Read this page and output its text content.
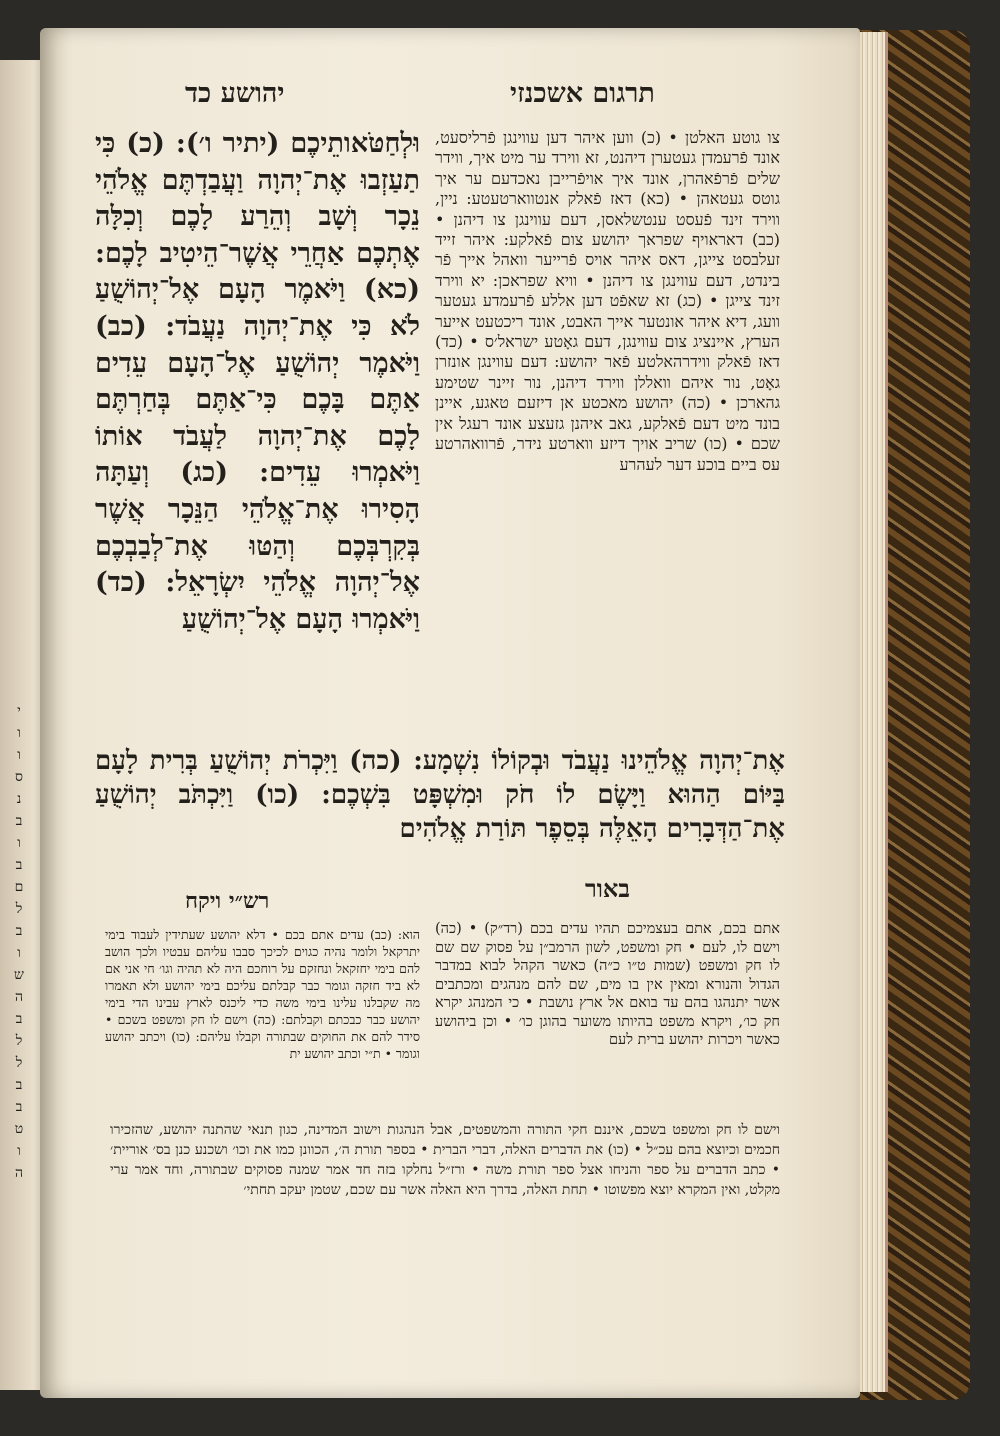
י
ו
ו
ס
נ
ב
ו
ב
ם
ל
ב
ו
ש
ה
ב
ל
ל
ב
ב
ט
ו
ה
יהושע כד	תרגום אשכנזי
וּלְחַטֹּאותֵיכֶם (יתיר ו׳): (כ) כִּי תַעַזְבוּ אֶת־יְהוָה וַעֲבַדְתֶּם אֱלֹהֵי נֵכָר וְשָׁב וְהֵרַע לָכֶם וְכִלָּה אֶתְכֶם אַחֲרֵי אֲשֶׁר־הֵיטִיב לָכֶם: (כא) וַיֹּאמֶר הָעָם אֶל־יְהוֹשֻׁעַ לֹא כִּי אֶת־יְהוָה נַעֲבֹד: (כב) וַיֹּאמֶר יְהוֹשֻׁעַ אֶל־הָעָם עֵדִים אַתֶּם בָּכֶם כִּי־אַתֶּם בְּחַרְתֶּם לָכֶם אֶת־יְהוָה לַעֲבֹד אוֹתוֹ וַיֹּאמְרוּ עֵדִים: (כג) וְעַתָּה הָסִירוּ אֶת־אֱלֹהֵי הַנֵּכָר אֲשֶׁר בְּקִרְבְּכֶם וְהַטּוּ אֶת־לְבַבְכֶם אֶל־יְהוָה אֱלֹהֵי יִשְׂרָאֵל: (כד) וַיֹּאמְרוּ הָעָם אֶל־יְהוֹשֻׁעַ
צו גוטע האלטן • (כ) ווען איהר דען עווינגן פֿרליסעט, אונד פֿרעמדן געטערן דיהנט, זא ווירד ער מיט איך, ווידר שלים פֿרפֿאהרן, אונד איך אויפֿרייבן נאכדעם ער איך גוטס געטאהן • (כא) דאז פֿאלק אנטווארטעטע: ניין, ווירד זינד פֿעסט ענטשלאסן, דעם עווינגן צו דיהנן • (כב) דאראויף שפראך יהושע צום פֿאלקע: איהר זייד זעלבסט צייגן, דאס איהר אויס פֿרייער וואהל אייך פֿר בינדט, דעם עווינגן צו דיהנן • וויא שפראכן: יא ווירד זינד צייגן • (כג) זא שאפֿט דען אללע פֿרעמדע געטער וועג, דיא איהר אונטער אייך האבט, אונד ריכטעט אייער הערץ, איינציג צום עווינגן, דעם גאָטע ישראל׳ס • (כד) דאז פֿאלק ווידרהאלטע פֿאר יהושע: דעם עווינגן אונזרן גאָט, נור איהם וואללן ווירד דיהנן, נור זיינר שטימע גהארכן • (כה) יהושע מאכטע אן דיזעם טאגע, איינן בונד מיט דעם פֿאלקע, גאב איהנן גזעצע אונד רעגל אין שכם • (כו) שריב אויך דיזע ווארטע נידר, פֿרוואהרטע עס ביים בוכע דער לעהרע
אֶת־יְהוָה אֱלֹהֵינוּ נַעֲבֹד וּבְקוֹלוֹ נִשְׁמָע: (כה) וַיִּכְרֹת יְהוֹשֻׁעַ בְּרִית לָעָם בַּיּוֹם הַהוּא וַיָּשֶׂם לוֹ חֹק וּמִשְׁפָּט בִּשְׁכֶם: (כו) וַיִּכְתֹּב יְהוֹשֻׁעַ אֶת־הַדְּבָרִים הָאֵלֶּה בְּסֵפֶר תּוֹרַת אֱלֹהִים
רש״י ויקח	באור
הוא: (כב) עדים אתם בכם • דלא יהושע שעתידין לעבוד בימי יתרקאל ולומר נהיה כגוים לכיכך סבבו עליהם עבטיו ולכך הושב להם בימי יחזקאל ונחזקם על רוחכם היה לא תהיה וגו׳ חי אני אם לא ביד חזקה וגומר כבר קבלתם עליכם בימי יהושע ולא תאמרו מה שקבלנו עלינו בימי משה כדי ליכנס לארץ עבינו הדי בימי יהושע כבר כבכתם וקבלתם: (כה) וישם לו חק ומשפט בשכם • סידר להם את החוקים שבתורה וקבלו עליהם: (כו) ויכתב יהושע וגומר • ת״י וכתב יהושע ית
אתם בכם, אתם בעצמיכם תהיו עדים בכם (רד״ק) • (כה) וישם לו, לעם • חק ומשפט, לשון הרמב״ן על פסוק שם שם לו חק ומשפט (שמות ט״ו כ״ה) כאשר הקהל לבוא במדבר הגדול והנורא ומאין אין בו מים, שם להם מנהגים ומכתבים אשר יתנהגו בהם עד בואם אל ארץ נושבת • כי המנהג יקרא חק כו׳, ויקרא משפט בהיותו משוער בהוגן כו׳ • וכן ביהושע כאשר ויכרות יהושע ברית לעם
וישם לו חק ומשפט בשכם, איננם חקי התורה והמשפטים, אבל הנהגות וישוב המדינה, כגון תנאי שהתנה יהושע, שהזכירו חכמים וכיוצא בהם עכ״ל • (כו) את הדברים האלה, דברי הברית • בספר תורת ה׳, הכוונן כמו את וכו׳ ושכנע כנן בס׳ אוריית׳ • כתב הדברים על ספר והניחו אצל ספר תורת משה • ורז״ל נחלקו בזה חד אמר שמנה פסוקים שבתורה, וחד אמר ערי מקלט, ואין המקרא יוצא מפשוטו • תחת האלה, בדרך היא האלה אשר עם שכם, שטמן יעקב תחתי׳
